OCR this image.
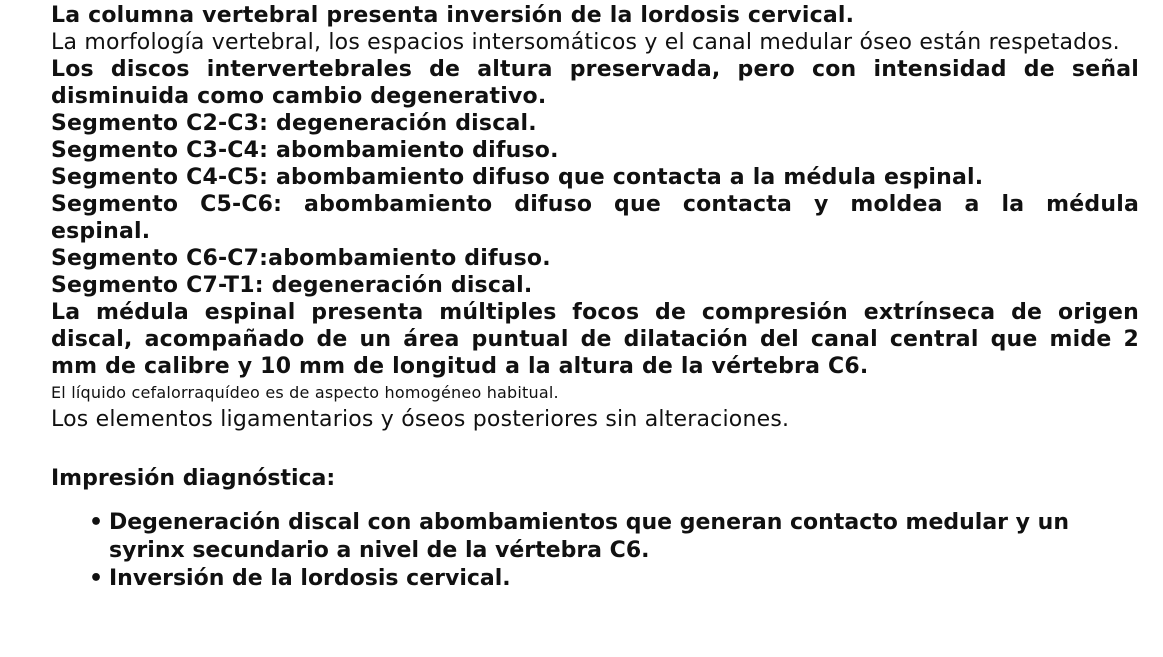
La columna vertebral presenta inversión de la lordosis cervical.

La morfología vertebral, los espacios intersomáticos y el canal medular óseo están respetados.

Los discos intervertebrales de altura preservada, pero con intensidad de señal disminuida como cambio degenerativo.

Segmento C2-C3: degeneración discal.

Segmento C3-C4: abombamiento difuso.

Segmento C4-C5: abombamiento difuso que contacta a la médula espinal.

Segmento C5-C6: abombamiento difuso que contacta y moldea a la médula espinal.

Segmento C6-C7:abombamiento difuso.

Segmento C7-T1: degeneración discal.

La médula espinal presenta múltiples focos de compresión extrínseca de origen discal, acompañado de un área puntual de dilatación del canal central que mide 2 mm de calibre y 10 mm de longitud a la altura de la vértebra C6.

El líquido cefalorraquídeo es de aspecto homogéneo habitual.

Los elementos ligamentarios y óseos posteriores sin alteraciones.

Impresión diagnóstica:
• Degeneración discal con abombamientos que generan contacto medular y un syrinx secundario a nivel de la vértebra C6.
• Inversión de la lordosis cervical.
